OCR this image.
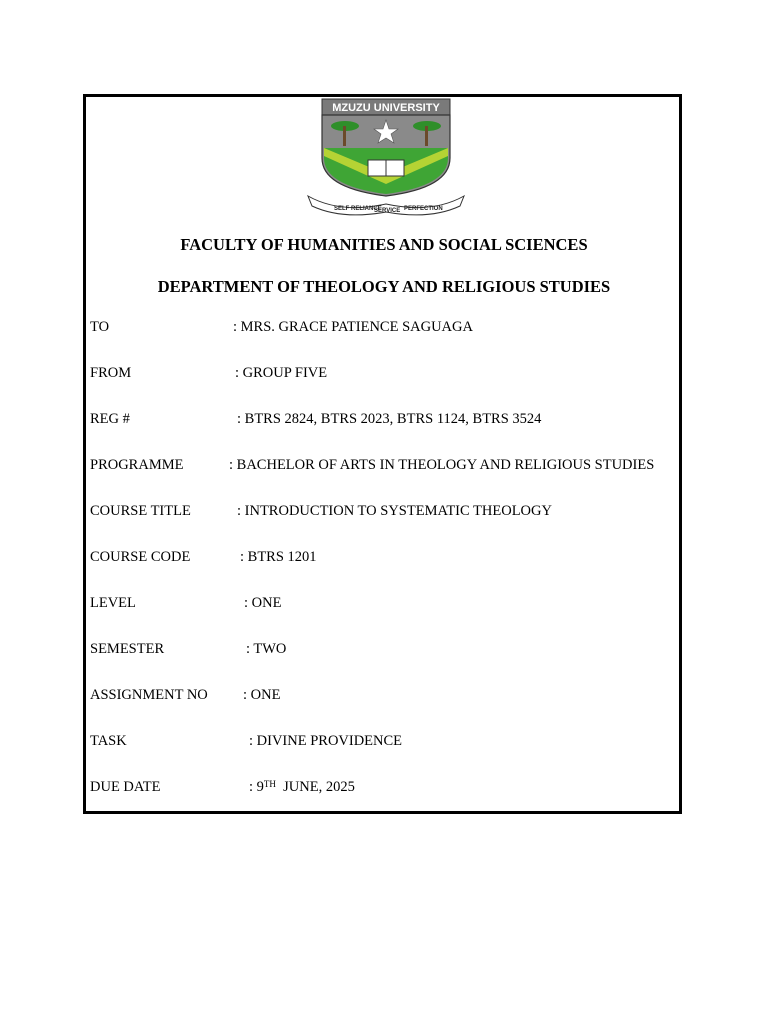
MZUZU UNIVERSITY
SELF RELIANCE
SERVICE PERFECTION
FACULTY OF HUMANITIES AND SOCIAL SCIENCES
DEPARTMENT OF THEOLOGY AND RELIGIOUS STUDIES
TO	: MRS. GRACE PATIENCE SAGUAGA
FROM	: GROUP FIVE
REG #	: BTRS 2824, BTRS 2023, BTRS 1124, BTRS 3524
PROGRAMME	: BACHELOR OF ARTS IN THEOLOGY AND RELIGIOUS STUDIES
COURSE TITLE	: INTRODUCTION TO SYSTEMATIC THEOLOGY
COURSE CODE	: BTRS 1201
LEVEL	: ONE
SEMESTER	: TWO
ASSIGNMENT NO : ONE
TASK	: DIVINE PROVIDENCE
DUE DATE	: 9TH  JUNE, 2025
